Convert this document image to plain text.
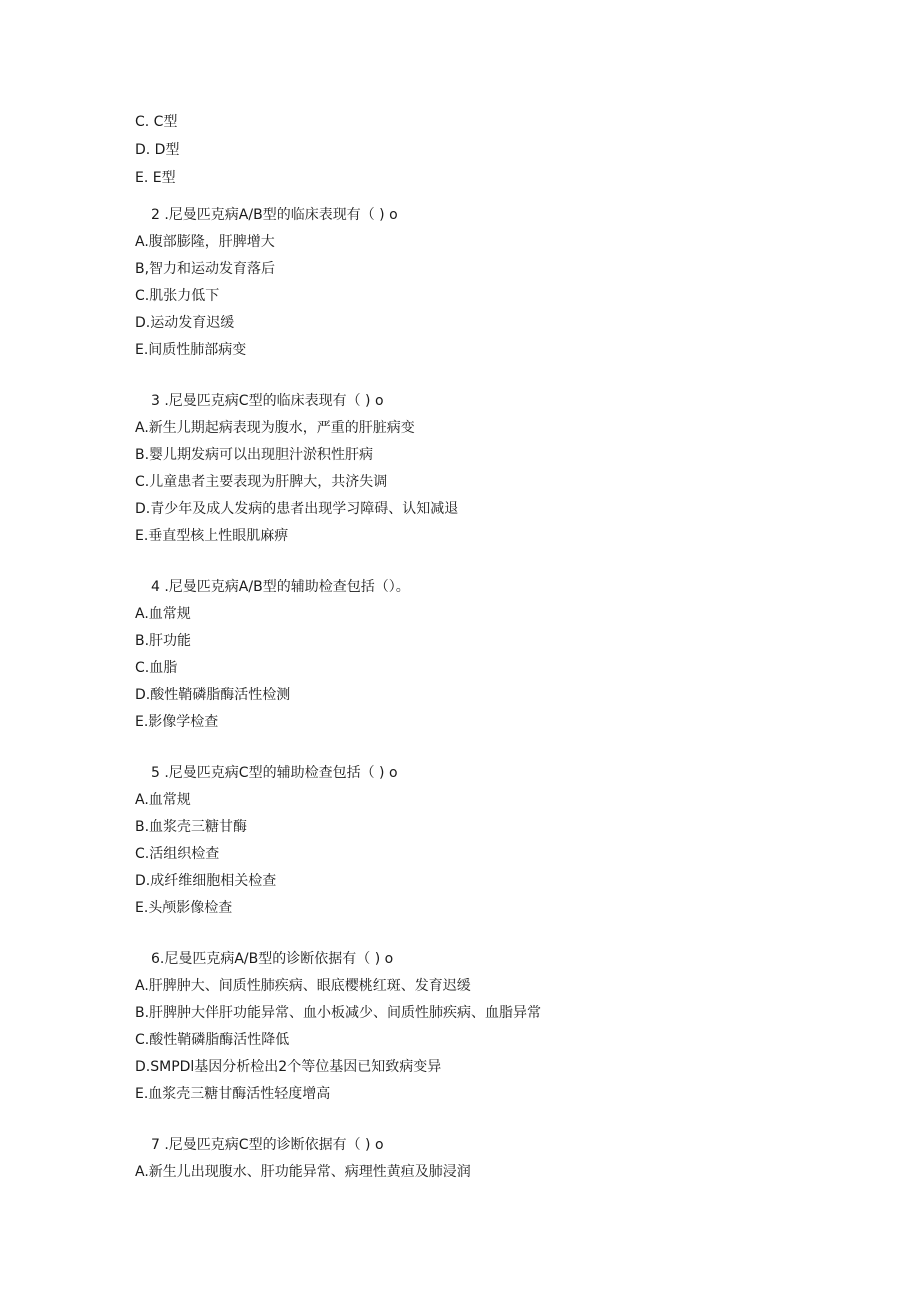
C. C型
D. D型
E. E型
2 .尼曼匹克病A/B型的临床表现有（ ) o
A.腹部膨隆，肝脾增大
B,智力和运动发育落后
C.肌张力低下
D.运动发育迟缓
E.间质性肺部病变
3 .尼曼匹克病C型的临床表现有（ ) o
A.新生儿期起病表现为腹水，严重的肝脏病变
B.婴儿期发病可以出现胆汁淤积性肝病
C.儿童患者主要表现为肝脾大，共济失调
D.青少年及成人发病的患者出现学习障碍、认知减退
E.垂直型核上性眼肌麻痹
4 .尼曼匹克病A/B型的辅助检查包括（）。
A.血常规
B.肝功能
C.血脂
D.酸性鞘磷脂酶活性检测
E.影像学检查
5 .尼曼匹克病C型的辅助检查包括（ ) o
A.血常规
B.血浆壳三糖甘酶
C.活组织检查
D.成纤维细胞相关检查
E.头颅影像检查
6.尼曼匹克病A/B型的诊断依据有（ ) o
A.肝脾肿大、间质性肺疾病、眼底樱桃红斑、发育迟缓
B.肝脾肿大伴肝功能异常、血小板减少、间质性肺疾病、血脂异常
C.酸性鞘磷脂酶活性降低
D.SMPDl基因分析检出2个等位基因已知致病变异
E.血浆壳三糖甘酶活性轻度增高
7 .尼曼匹克病C型的诊断依据有（ ) o
A.新生儿出现腹水、肝功能异常、病理性黄疸及肺浸润
